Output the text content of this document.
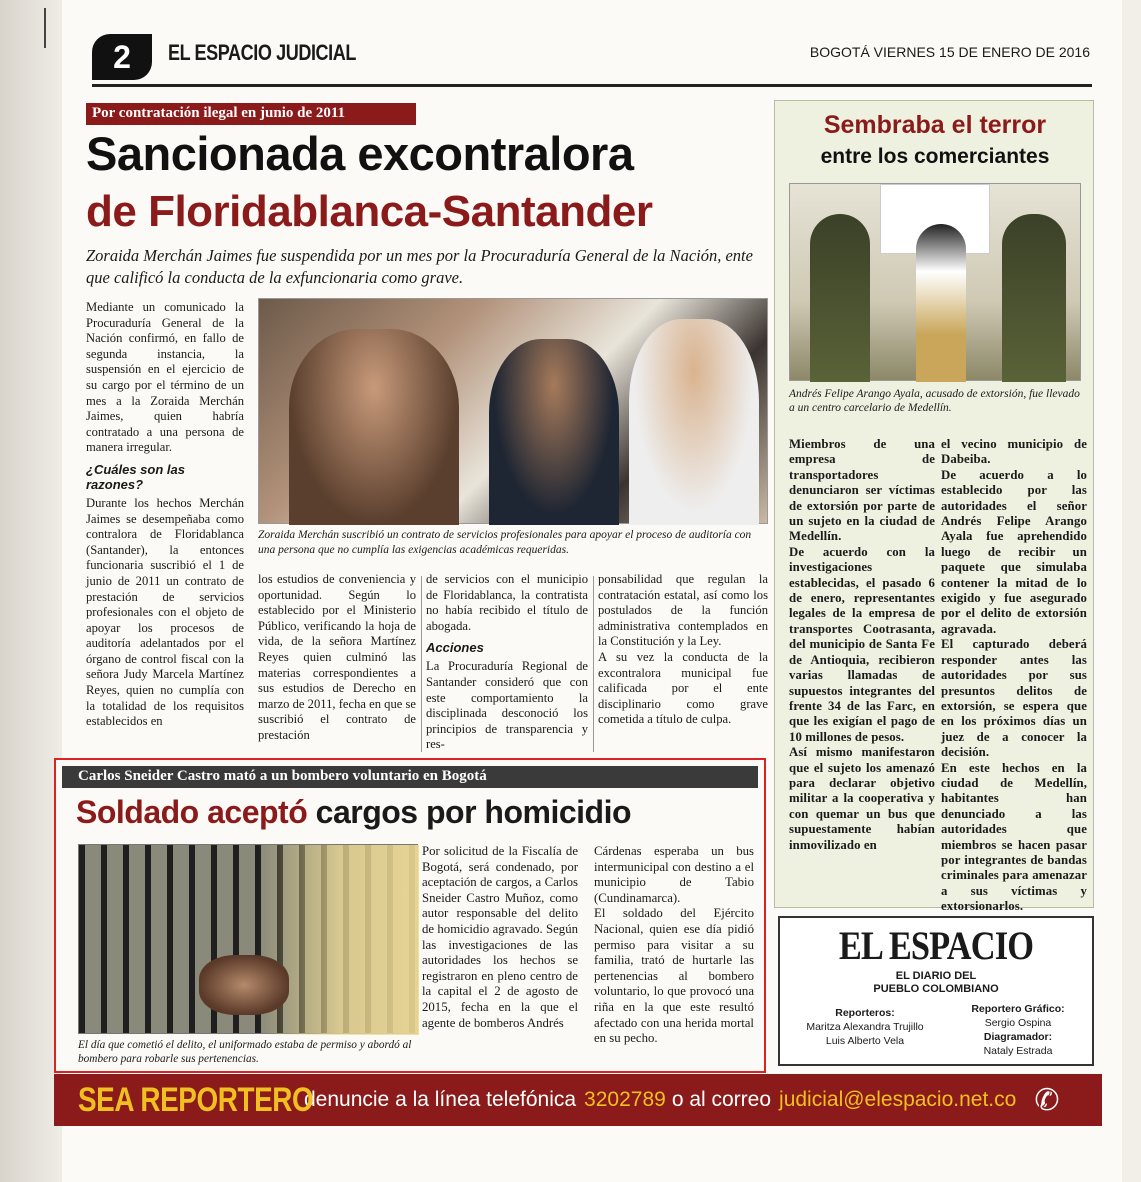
2	EL ESPACIO JUDICIAL	BOGOTÁ VIERNES 15 DE ENERO DE 2016
Por contratación ilegal en junio de 2011
Sancionada excontralora
de Floridablanca-Santander
Zoraida Merchán Jaimes fue suspendida por un mes por la Procuraduría General de la Nación, ente que calificó la conducta de la exfuncionaria como grave.

Mediante un comunicado la Procuraduría General de la Nación confirmó, en fallo de segunda instancia, la suspensión en el ejercicio de su cargo por el término de un mes a la Zoraida Merchán Jaimes, quien habría contratado a una persona de manera irregular.

¿Cuáles son las razones?

Durante los hechos Merchán Jaimes se desempeñaba como contralora de Floridablanca (Santander), la entonces funcionaria suscribió el 1 de junio de 2011 un contrato de prestación de servicios profesionales con el objeto de apoyar los procesos de auditoría adelantados por el órgano de control fiscal con la señora Judy Marcela Martínez Reyes, quien no cumplía con la totalidad de los requisitos establecidos en

Zoraida Merchán suscribió un contrato de servicios profesionales para apoyar el proceso de auditoría con una persona que no cumplía las exigencias académicas requeridas.

los estudios de conveniencia y oportunidad. Según lo establecido por el Ministerio Público, verificando la hoja de vida, de la señora Martínez Reyes quien culminó las materias correspondientes a sus estudios de Derecho en marzo de 2011, fecha en que se suscribió el contrato de prestación

de servicios con el municipio de Floridablanca, la contratista no había recibido el título de abogada.

Acciones

La Procuraduría Regional de Santander consideró que con este comportamiento la disciplinada desconoció los principios de transparencia y res-

ponsabilidad que regulan la contratación estatal, así como los postulados de la función administrativa contemplados en la Constitución y la Ley.

A su vez la conducta de la excontralora municipal fue calificada por el ente disciplinario como grave cometida a título de culpa.

Sembraba el terror
entre los comerciantes
Andrés Felipe Arango Ayala, acusado de extorsión, fue llevado a un centro carcelario de Medellín.

Miembros de una empresa de transportadores denunciaron ser víctimas de extorsión por parte de un sujeto en la ciudad de Medellín.

De acuerdo con la investigaciones establecidas, el pasado 6 de enero, representantes legales de la empresa de transportes Cootrasanta, del municipio de Santa Fe de Antioquia, recibieron varias llamadas de supuestos integrantes del frente 34 de las Farc, en que les exigían el pago de 10 millones de pesos.

Así mismo manifestaron que el sujeto los amenazó para declarar objetivo militar a la cooperativa y con quemar un bus que supuestamente habían inmovilizado en

el vecino municipio de Dabeiba.

De acuerdo a lo establecido por las autoridades el señor Andrés Felipe Arango Ayala fue aprehendido luego de recibir un paquete que simulaba contener la mitad de lo exigido y fue asegurado por el delito de extorsión agravada.

El capturado deberá responder antes las autoridades por sus presuntos delitos de extorsión, se espera que en los próximos días un juez de a conocer la decisión.

En este hechos en la ciudad de Medellín, habitantes han denunciado a las autoridades que miembros se hacen pasar por integrantes de bandas criminales para amenazar a sus víctimas y extorsionarlos.

Carlos Sneider Castro mató a un bombero voluntario en Bogotá
Soldado aceptó cargos por homicidio
El día que cometió el delito, el uniformado estaba de permiso y abordó al bombero para robarle sus pertenencias.

Por solicitud de la Fiscalía de Bogotá, será condenado, por aceptación de cargos, a Carlos Sneider Castro Muñoz, como autor responsable del delito de homicidio agravado. Según las investigaciones de las autoridades los hechos se registraron en pleno centro de la capital el 2 de agosto de 2015, fecha en la que el agente de bomberos Andrés

Cárdenas esperaba un bus intermunicipal con destino a el municipio de Tabio (Cundinamarca).

El soldado del Ejército Nacional, quien ese día pidió permiso para visitar a su familia, trató de hurtarle las pertenencias al bombero voluntario, lo que provocó una riña en la que este resultó afectado con una herida mortal en su pecho.

EL ESPACIO
EL DIARIO DEL
PUEBLO COLOMBIANO
Reporteros:
Maritza Alexandra Trujillo
Luis Alberto Vela
Reportero Gráfico:
Sergio Ospina
Diagramador:
Nataly Estrada
SEA REPORTERO
denuncie a la línea telefónica 3202789 o al correo judicial@elespacio.net.co ✆
